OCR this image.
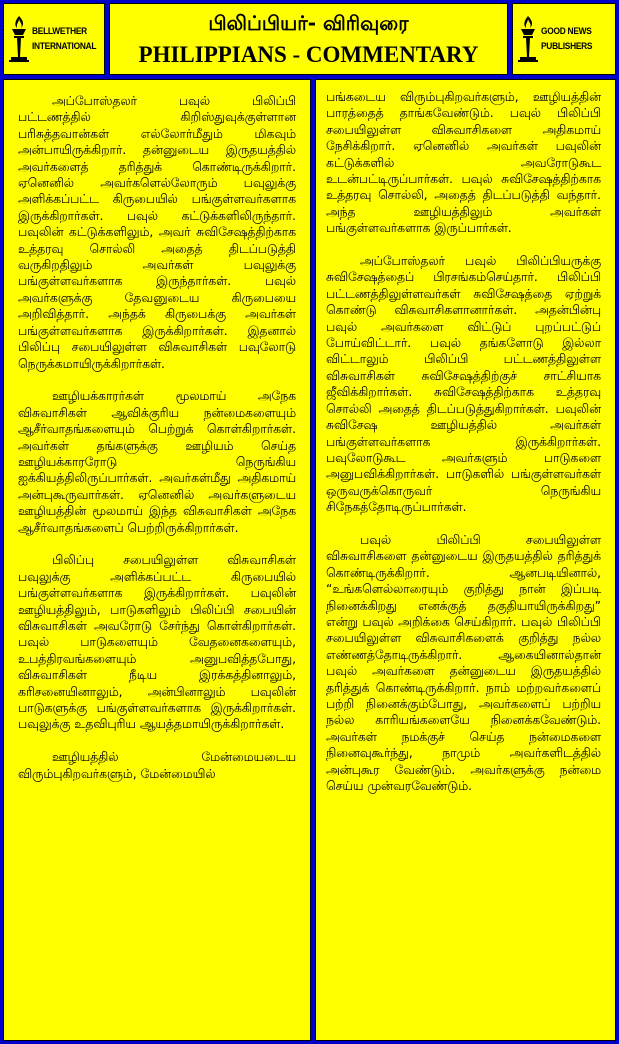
BELLWETHER
INTERNATIONAL
பிலிப்பியர்- விரிவுரை
PHILIPPIANS - COMMENTARY
GOOD NEWS
PUBLISHERS

அப்போஸ்தலர் பவுல் பிலிப்பி பட்டணத்தில் கிறிஸ்துவுக்குள்ளான பரிசுத்தவான்கள் எல்லோர்மீதும் மிகவும் அன்பாயிருக்கிறார். தன்னுடைய இருதயத்தில் அவர்களைத் தரித்துக் கொண்டிருக்கிறார். ஏனெனில் அவர்களெல்லோரும் பவுலுக்கு அளிக்கப்பட்ட கிருபையில் பங்குள்ளவர்களாக இருக்கிறார்கள். பவுல் கட்டுக்களிலிருந்தார். பவுலின் கட்டுக்களிலும், அவர் சுவிசேஷத்திற்காக உத்தரவு சொல்லி அதைத் திடப்படுத்தி வருகிறதிலும் அவர்கள் பவுலுக்கு பங்குள்ளவர்களாக இருந்தார்கள். பவுல் அவர்களுக்கு தேவனுடைய கிருபையை அறிவித்தார். அந்தக் கிருபைக்கு அவர்கள் பங்குள்ளவர்களாக இருக்கிறார்கள். இதனால் பிலிப்பு சபையிலுள்ள விசுவாசிகள் பவுலோடு நெருக்கமாயிருக்கிறார்கள்.

ஊழியக்காரர்கள் மூலமாய் அநேக விசுவாசிகள் ஆவிக்குரிய நன்மைகளையும் ஆசீர்வாதங்களையும் பெற்றுக் கொள்கிறார்கள். அவர்கள் தங்களுக்கு ஊழியம் செய்த ஊழியக்காரரோடு நெருங்கிய ஐக்கியத்திலிருப்பார்கள். அவர்கள்மீது அதிகமாய் அன்புகூருவார்கள். ஏனெனில் அவர்களுடைய ஊழியத்தின் மூலமாய் இந்த விசுவாசிகள் அநேக ஆசீர்வாதங்களைப் பெற்றிருக்கிறார்கள்.

பிலிப்பு சபையிலுள்ள விசுவாசிகள் பவுலுக்கு அளிக்கப்பட்ட கிருபையில் பங்குள்ளவர்களாக இருக்கிறார்கள். பவுலின் ஊழியத்திலும், பாடுகளிலும் பிலிப்பி சபையின் விசுவாசிகள் அவரோடு சேர்ந்து கொள்கிறார்கள். பவுல் பாடுகளையும் வேதனைகளையும், உபத்திரவங்களையும் அனுபவித்தபோது, விசுவாசிகள் நீடிய இரக்கத்தினாலும், கரிசனையினாலும், அன்பினாலும் பவுலின் பாடுகளுக்கு பங்குள்ளவர்களாக இருக்கிறார்கள். பவுலுக்கு உதவிபுரிய ஆயத்தமாயிருக்கிறார்கள்.

ஊழியத்தில் மேன்மையடைய விரும்புகிறவர்களும், மேன்மையில்

பங்கடைய விரும்புகிறவர்களும், ஊழியத்தின் பாரத்தைத் தாங்கவேண்டும். பவுல் பிலிப்பி சபையிலுள்ள விசுவாசிகளை அதிகமாய் நேசிக்கிறார். ஏனெனில் அவர்கள் பவுலின் கட்டுக்களில் அவரோடுகூட உடன்பட்டிருப்பார்கள். பவுல் சுவிசேஷத்திற்காக உத்தரவு சொல்லி, அதைத் திடப்படுத்தி வந்தார். அந்த ஊழியத்திலும் அவர்கள் பங்குள்ளவர்களாக இருப்பார்கள்.

அப்போஸ்தலர் பவுல் பிலிப்பியருக்கு சுவிசேஷத்தைப் பிரசங்கம்செய்தார். பிலிப்பி பட்டணத்திலுள்ளவர்கள் சுவிசேஷத்தை ஏற்றுக் கொண்டு விசுவாசிகளானார்கள். அதன்பின்பு பவுல் அவர்களை விட்டுப் புறப்பட்டுப் போய்விட்டார். பவுல் தங்களோடு இல்லா விட்டாலும் பிலிப்பி பட்டணத்திலுள்ள விசுவாசிகள் சுவிசேஷத்திற்குச் சாட்சியாக ஜீவிக்கிறார்கள். சுவிசேஷத்திற்காக உத்தரவு சொல்லி அதைத் திடப்படுத்துகிறார்கள். பவுலின் சுவிசேஷ ஊழியத்தில் அவர்கள் பங்குள்ளவர்களாக இருக்கிறார்கள். பவுலோடுகூட அவர்களும் பாடுகளை அனுபவிக்கிறார்கள். பாடுகளில் பங்குள்ளவர்கள் ஒருவருக்கொருவர் நெருங்கிய சிநேகத்தோடிருப்பார்கள்.

பவுல் பிலிப்பி சபையிலுள்ள விசுவாசிகளை தன்னுடைய இருதயத்தில் தரித்துக் கொண்டிருக்கிறார். ஆனபடியினால், “உங்களெல்லாரையும் குறித்து நான் இப்படி நினைக்கிறது எனக்குத் தகுதியாயிருக்கிறது” என்று பவுல் அறிக்கை செய்கிறார். பவுல் பிலிப்பி சபையிலுள்ள விசுவாசிகளைக் குறித்து நல்ல எண்ணத்தோடிருக்கிறார். ஆகையினால்தான் பவுல் அவர்களை தன்னுடைய இருதயத்தில் தரித்துக் கொண்டிருக்கிறார். நாம் மற்றவர்களைப் பற்றி நினைக்கும்போது, அவர்களைப் பற்றிய நல்ல காரியங்களையே நினைக்கவேண்டும். அவர்கள் நமக்குச் செய்த நன்மைகளை நினைவுகூர்ந்து, நாமும் அவர்களிடத்தில் அன்புகூர வேண்டும். அவர்களுக்கு நன்மை செய்ய முன்வரவேண்டும்.
